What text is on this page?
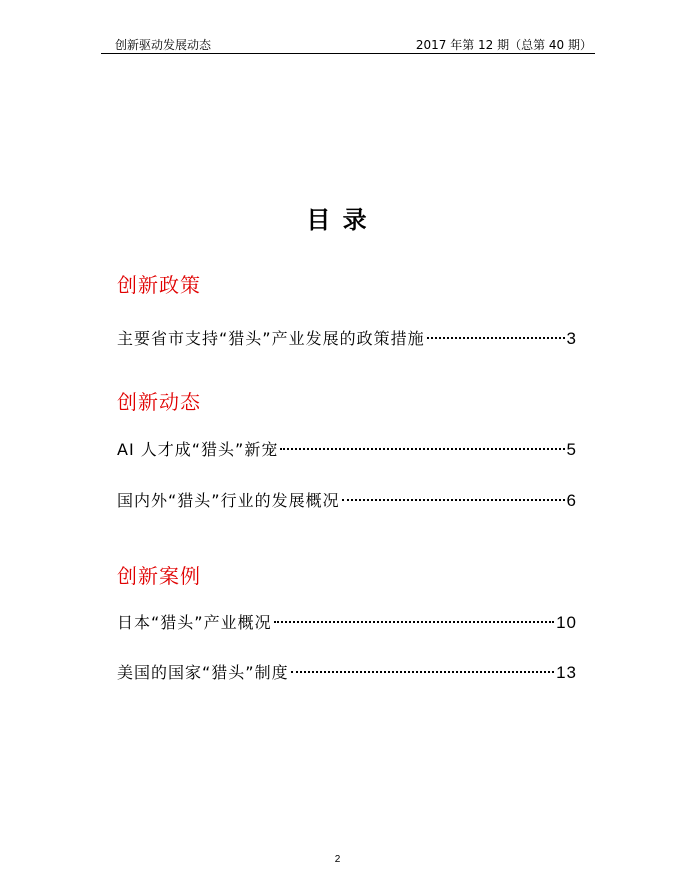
创新驱动发展动态	2017 年第 12 期（总第 40 期）
目 录
创新政策
主要省市支持“猎头”产业发展的政策措施	3
创新动态
AI 人才成“猎头”新宠	5
国内外“猎头”行业的发展概况	6
创新案例
日本“猎头”产业概况	10
美国的国家“猎头”制度	13
2
